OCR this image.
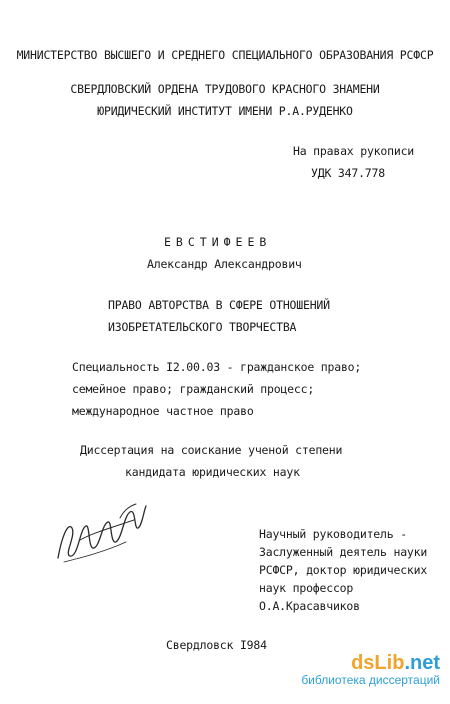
МИНИСТЕРСТВО ВЫСШЕГО И СРЕДНЕГО СПЕЦИАЛЬНОГО ОБРАЗОВАНИЯ РСФСР
СВЕРДЛОВСКИЙ ОРДЕНА ТРУДОВОГО КРАСНОГО ЗНАМЕНИ
ЮРИДИЧЕСКИЙ ИНСТИТУТ ИМЕНИ Р.А.РУДЕНКО
На правах рукописи
УДК 347.778
ЕВСТИФЕЕВ
Александр Александрович
ПРАВО АВТОРСТВА В СФЕРЕ ОТНОШЕНИЙ
ИЗОБРЕТАТЕЛЬСКОГО ТВОРЧЕСТВА
Специальность I2.00.03 - гражданское право;
семейное право; гражданский процесс;
международное частное право
Диссертация на соискание ученой степени
кандидата юридических наук
Научный руководитель -
Заслуженный деятель науки
РСФСР, доктор юридических
наук профессор
О.А.Красавчиков
Свердловск I984
dsLib.net
библиотека диссертаций
